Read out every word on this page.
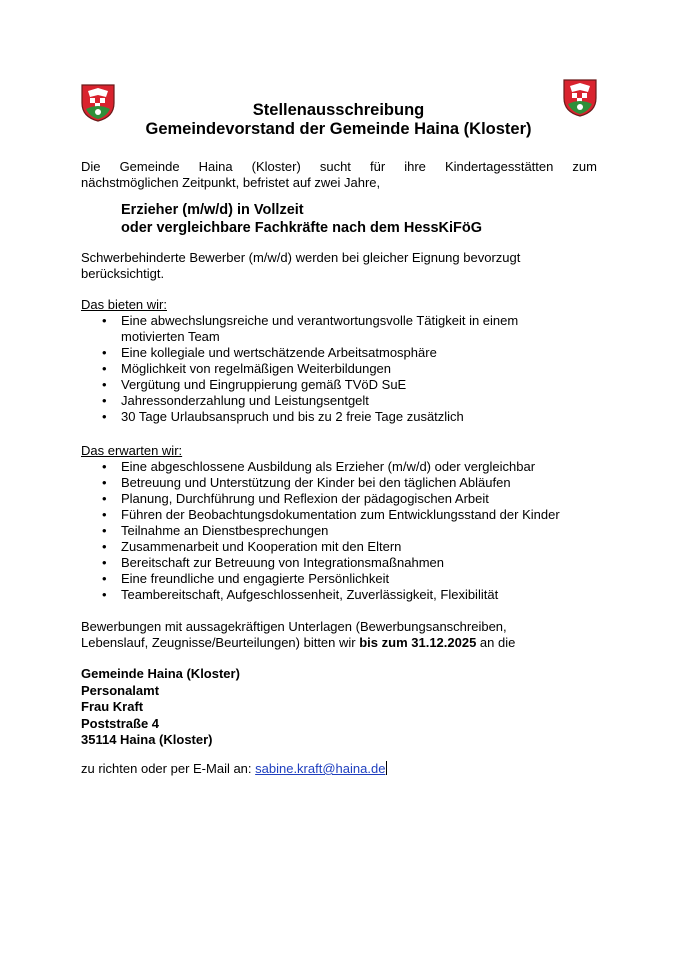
Stellenausschreibung
Gemeindevorstand der Gemeinde Haina (Kloster)
Die Gemeinde Haina (Kloster) sucht für ihre Kindertagesstätten zum
nächstmöglichen Zeitpunkt, befristet auf zwei Jahre,
Erzieher (m/w/d) in Vollzeit
oder vergleichbare Fachkräfte nach dem HessKiFöG
Schwerbehinderte Bewerber (m/w/d) werden bei gleicher Eignung bevorzugt
berücksichtigt.
Das bieten wir:
• Eine abwechslungsreiche und verantwortungsvolle Tätigkeit in einem
motivierten Team
• Eine kollegiale und wertschätzende Arbeitsatmosphäre
• Möglichkeit von regelmäßigen Weiterbildungen
• Vergütung und Eingruppierung gemäß TVöD SuE
• Jahressonderzahlung und Leistungsentgelt
• 30 Tage Urlaubsanspruch und bis zu 2 freie Tage zusätzlich
Das erwarten wir:
• Eine abgeschlossene Ausbildung als Erzieher (m/w/d) oder vergleichbar
• Betreuung und Unterstützung der Kinder bei den täglichen Abläufen
• Planung, Durchführung und Reflexion der pädagogischen Arbeit
• Führen der Beobachtungsdokumentation zum Entwicklungsstand der Kinder
• Teilnahme an Dienstbesprechungen
• Zusammenarbeit und Kooperation mit den Eltern
• Bereitschaft zur Betreuung von Integrationsmaßnahmen
• Eine freundliche und engagierte Persönlichkeit
• Teambereitschaft, Aufgeschlossenheit, Zuverlässigkeit, Flexibilität
Bewerbungen mit aussagekräftigen Unterlagen (Bewerbungsanschreiben,
Lebenslauf, Zeugnisse/Beurteilungen) bitten wir bis zum 31.12.2025 an die
Gemeinde Haina (Kloster)
Personalamt
Frau Kraft
Poststraße 4
35114 Haina (Kloster)
zu richten oder per E-Mail an: sabine.kraft@haina.de
